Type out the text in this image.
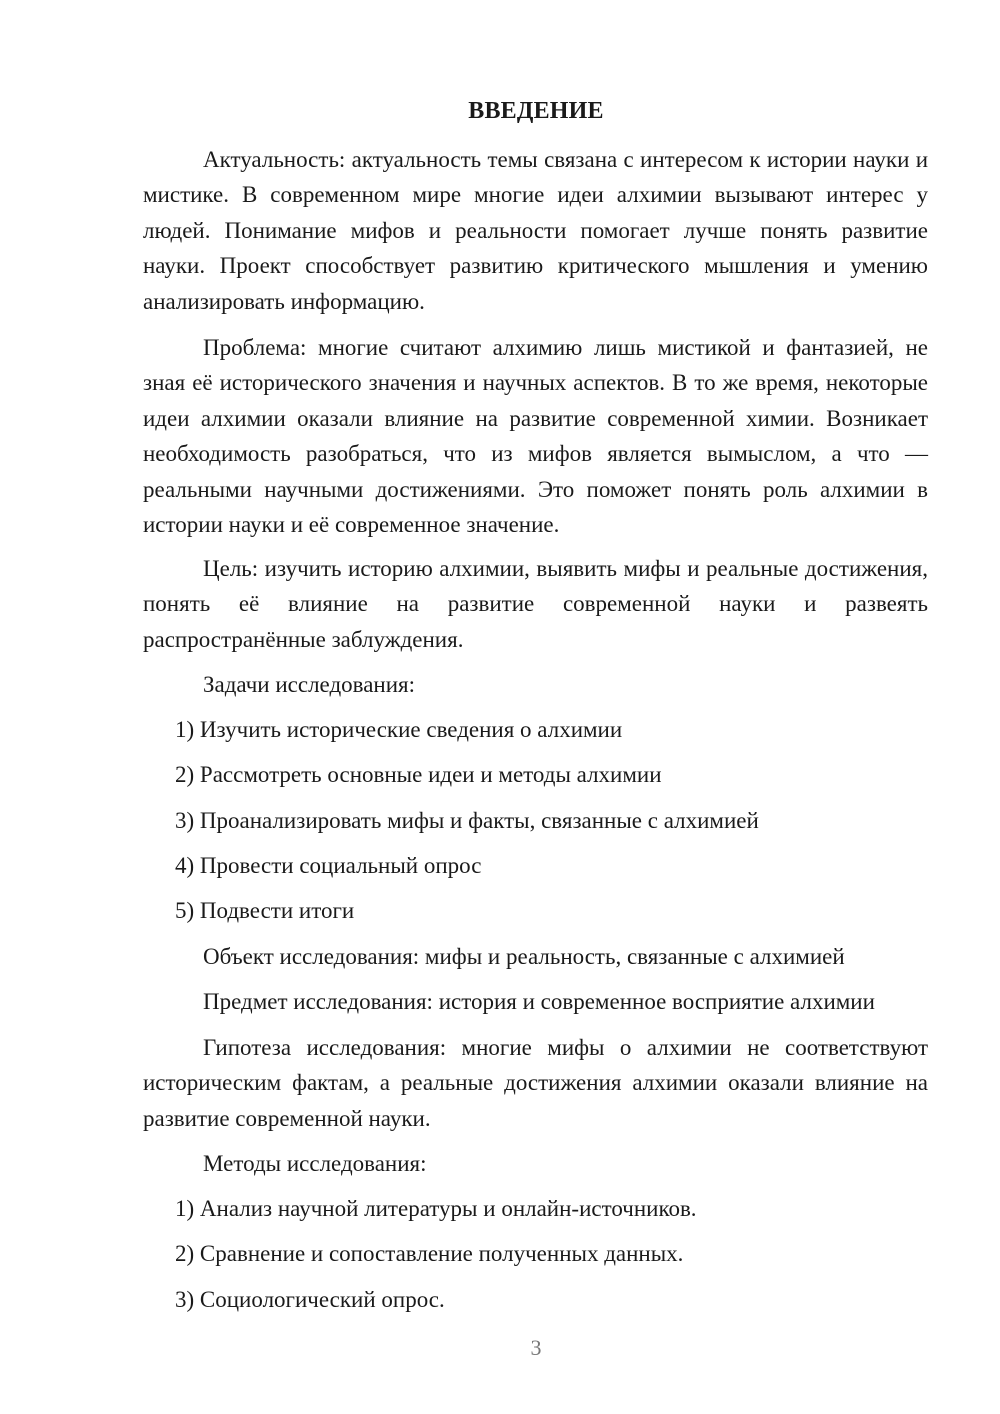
ВВЕДЕНИЕ

Актуальность: актуальность темы связана с интересом к истории науки и мистике. В современном мире многие идеи алхимии вызывают интерес у людей. Понимание мифов и реальности помогает лучше понять развитие науки. Проект способствует развитию критического мышления и умению анализировать информацию.

Проблема: многие считают алхимию лишь мистикой и фантазией, не зная её исторического значения и научных аспектов. В то же время, некоторые идеи алхимии оказали влияние на развитие современной химии. Возникает необходимость разобраться, что из мифов является вымыслом, а что — реальными научными достижениями. Это поможет понять роль алхимии в истории науки и её современное значение.

Цель: изучить историю алхимии, выявить мифы и реальные достижения, понять её влияние на развитие современной науки и развеять распространённые заблуждения.

Задачи исследования:

1) Изучить исторические сведения о алхимии

2) Рассмотреть основные идеи и методы алхимии

3) Проанализировать мифы и факты, связанные с алхимией

4) Провести социальный опрос

5) Подвести итоги

Объект исследования: мифы и реальность, связанные с алхимией

Предмет исследования: история и современное восприятие алхимии

Гипотеза исследования: многие мифы о алхимии не соответствуют историческим фактам, а реальные достижения алхимии оказали влияние на развитие современной науки.

Методы исследования:

1) Анализ научной литературы и онлайн-источников.

2) Сравнение и сопоставление полученных данных.

3) Социологический опрос.

3
